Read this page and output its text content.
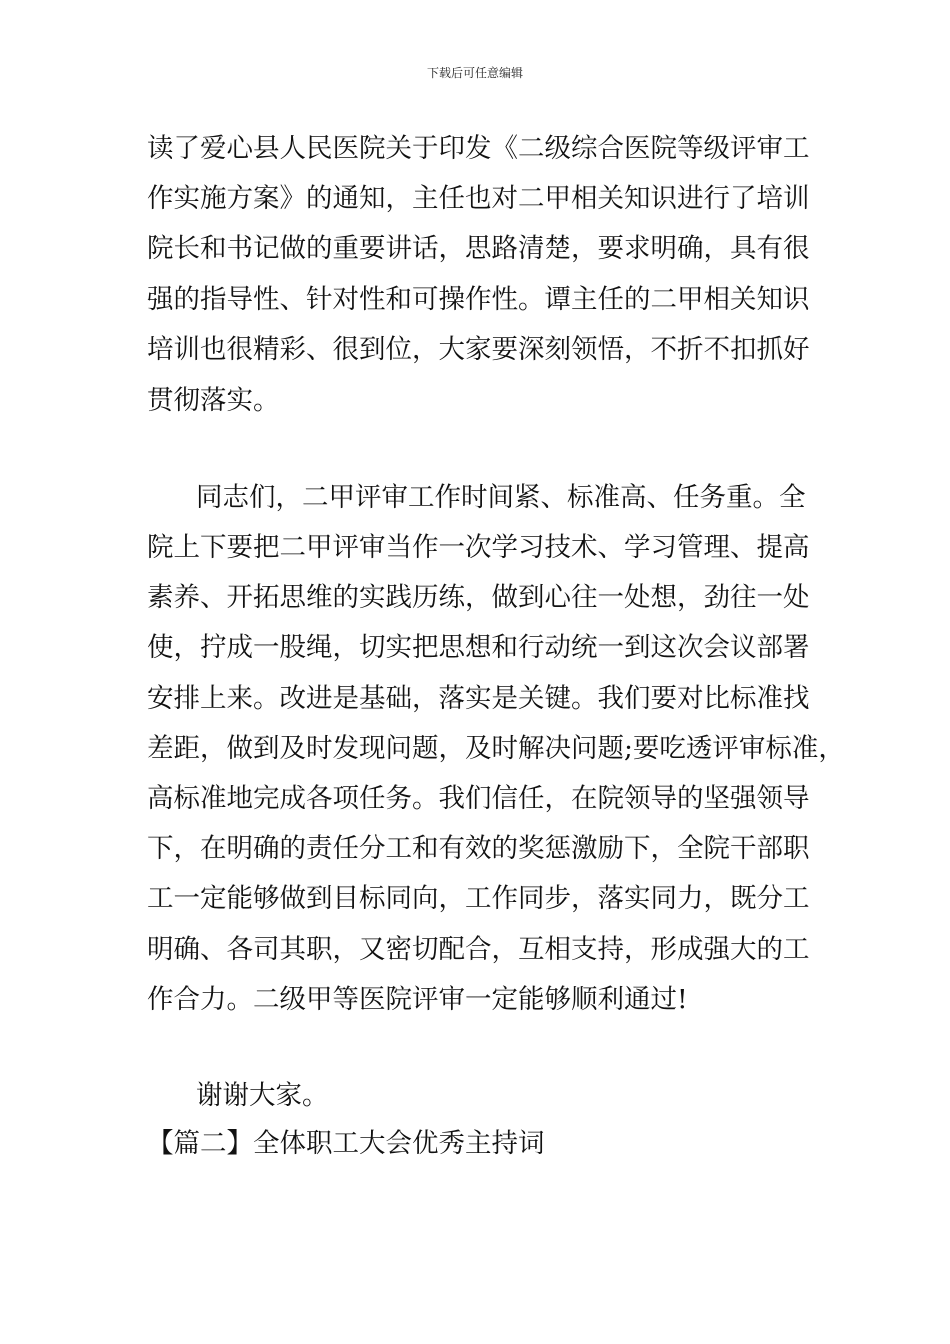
下载后可任意编辑
读了爱心县人民医院关于印发《二级综合医院等级评审工
作实施方案》的通知，主任也对二甲相关知识进行了培训
院长和书记做的重要讲话，思路清楚，要求明确，具有很
强的指导性、针对性和可操作性。谭主任的二甲相关知识
培训也很精彩、很到位，大家要深刻领悟，不折不扣抓好
贯彻落实。
同志们，二甲评审工作时间紧、标准高、任务重。全
院上下要把二甲评审当作一次学习技术、学习管理、提高
素养、开拓思维的实践历练，做到心往一处想，劲往一处
使，拧成一股绳，切实把思想和行动统一到这次会议部署
安排上来。改进是基础，落实是关键。我们要对比标准找
差距，做到及时发现问题，及时解决问题;要吃透评审标准，
高标准地完成各项任务。我们信任，在院领导的坚强领导
下，在明确的责任分工和有效的奖惩激励下，全院干部职
工一定能够做到目标同向，工作同步，落实同力，既分工
明确、各司其职，又密切配合，互相支持，形成强大的工
作合力。二级甲等医院评审一定能够顺利通过!
谢谢大家。
【篇二】全体职工大会优秀主持词
